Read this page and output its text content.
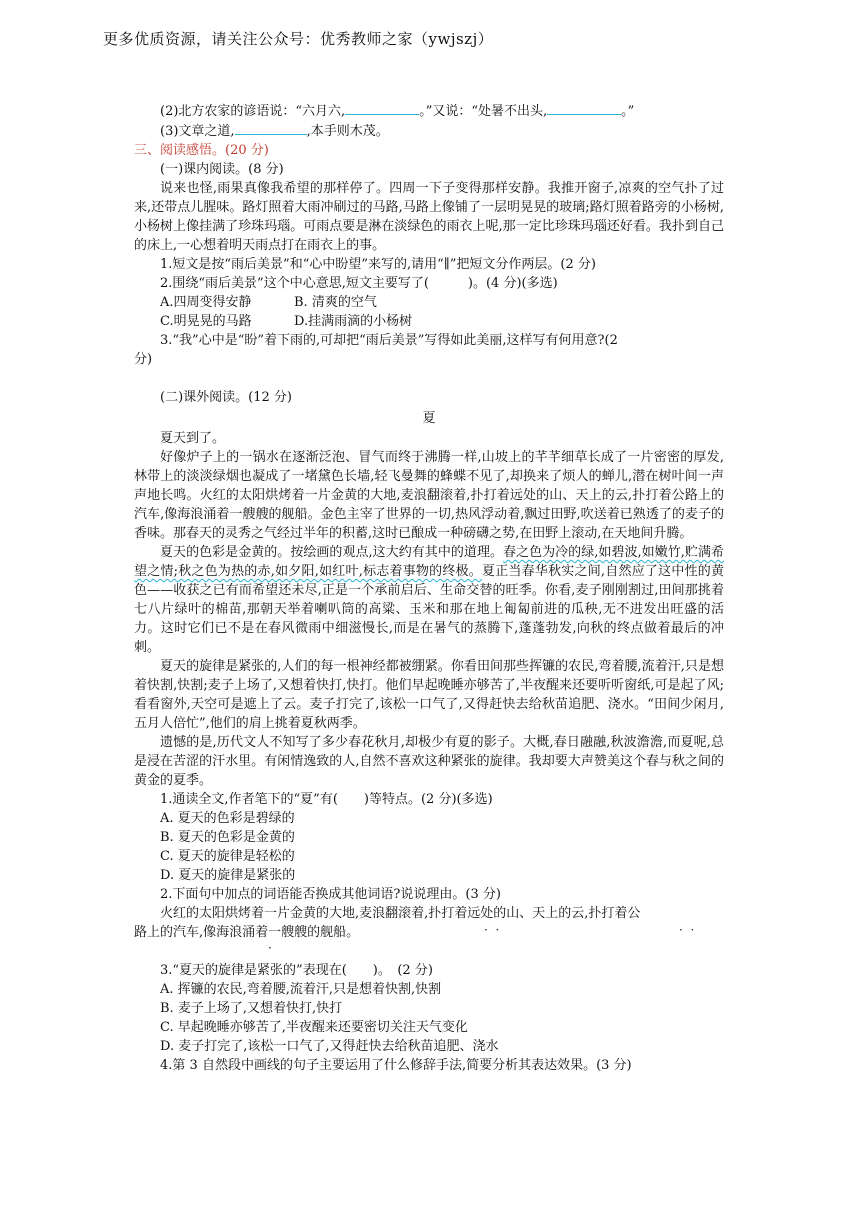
更多优质资源，请关注公众号：优秀教师之家（ywjszj）
(2)北方农家的谚语说：“六月六,	。”又说：“处暑不出头,	。”
(3)文章之道,	,本手则木茂。
三、阅读感悟。(20 分)
(一)课内阅读。(8 分)
说来也怪,雨果真像我希望的那样停了。四周一下子变得那样安静。我推开窗子,凉爽的空气扑了过来,还带点儿腥味。路灯照着大雨冲刷过的马路,马路上像铺了一层明晃晃的玻璃;路灯照着路旁的小杨树,小杨树上像挂满了珍珠玛瑙。可雨点要是淋在淡绿色的雨衣上呢,那一定比珍珠玛瑙还好看。我扑到自己的床上,一心想着明天雨点打在雨衣上的事。
1.短文是按“雨后美景”和“心中盼望”来写的,请用“∥”把短文分作两层。(2 分)
2.围绕“雨后美景”这个中心意思,短文主要写了(　　　)。(4 分)(多选)
A.四周变得安静	B. 清爽的空气
C.明晃晃的马路	D.挂满雨滴的小杨树
3.“我”心中是“盼”着下雨的,可却把“雨后美景”写得如此美丽,这样写有何用意?(2
分)
(二)课外阅读。(12 分)
夏
夏天到了。
好像炉子上的一锅水在逐渐泛泡、冒气而终于沸腾一样,山坡上的芊芊细草长成了一片密密的厚发,林带上的淡淡绿烟也凝成了一堵黛色长墙,轻飞曼舞的蜂蝶不见了,却换来了烦人的蝉儿,潜在树叶间一声声地长鸣。火红的太阳烘烤着一片金黄的大地,麦浪翻滚着,扑打着远处的山、天上的云,扑打着公路上的汽车,像海浪涌着一艘艘的舰船。金色主宰了世界的一切,热风浮动着,飘过田野,吹送着已熟透了的麦子的香味。那春天的灵秀之气经过半年的积蓄,这时已酿成一种磅礴之势,在田野上滚动,在天地间升腾。
夏天的色彩是金黄的。按绘画的观点,这大约有其中的道理。春之色为冷的绿,如碧波,如嫩竹,贮满希望之情;秋之色为热的赤,如夕阳,如红叶,标志着事物的终极。夏正当春华秋实之间,自然应了这中性的黄色——收获之已有而希望还未尽,正是一个承前启后、生命交替的旺季。你看,麦子刚刚割过,田间那挑着七八片绿叶的棉苗,那朝天举着喇叭筒的高粱、玉米和那在地上匍匐前进的瓜秧,无不进发出旺盛的活力。这时它们已不是在春风微雨中细滋慢长,而是在暑气的蒸腾下,蓬蓬勃发,向秋的终点做着最后的冲刺。
夏天的旋律是紧张的,人们的每一根神经都被绷紧。你看田间那些挥镰的农民,弯着腰,流着汗,只是想着快割,快割;麦子上场了,又想着快打,快打。他们早起晚睡亦够苦了,半夜醒来还要听听窗纸,可是起了风;看看窗外,天空可是遮上了云。麦子打完了,该松一口气了,又得赶快去给秋苗追肥、浇水。“田间少闲月,五月人倍忙”,他们的肩上挑着夏秋两季。
遗憾的是,历代文人不知写了多少春花秋月,却极少有夏的影子。大概,春日融融,秋波澹澹,而夏呢,总是浸在苦涩的汗水里。有闲情逸致的人,自然不喜欢这种紧张的旋律。我却要大声赞美这个春与秋之间的黄金的夏季。
1.通读全文,作者笔下的“夏”有(　　)等特点。(2 分)(多选)
A. 夏天的色彩是碧绿的
B. 夏天的色彩是金黄的
C. 夏天的旋律是轻松的
D. 夏天的旋律是紧张的
2.下面句中加点的词语能否换成其他词语?说说理由。(3 分)
火红的太阳烘烤着一片金黄的大地,麦浪翻滚着,扑打着远处的山、天上的云,扑打着公
路上的汽车,像海浪涌着一艘艘的舰船。	·  ·	·  ·
·
3.“夏天的旋律是紧张的”表现在(　　)。　(2 分)
A. 挥镰的农民,弯着腰,流着汗,只是想着快割,快割
B. 麦子上场了,又想着快打,快打
C. 早起晚睡亦够苦了,半夜醒来还要密切关注天气变化
D. 麦子打完了,该松一口气了,又得赶快去给秋苗追肥、浇水
4.第 3 自然段中画线的句子主要运用了什么修辞手法,简要分析其表达效果。(3 分)
